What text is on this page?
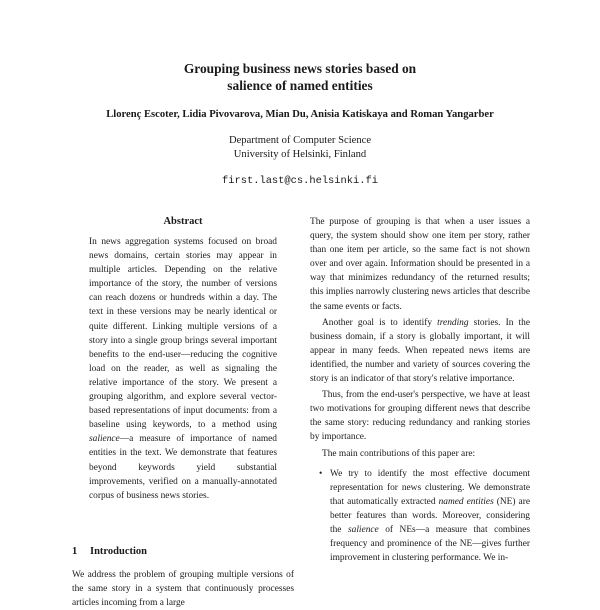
Grouping business news stories based on
salience of named entities
Llorenç Escoter, Lidia Pivovarova, Mian Du, Anisia Katiskaya and Roman Yangarber
Department of Computer Science
University of Helsinki, Finland
first.last@cs.helsinki.fi
Abstract

In news aggregation systems focused on broad news domains, certain stories may appear in multiple articles. Depending on the relative importance of the story, the number of versions can reach dozens or hundreds within a day. The text in these versions may be nearly identical or quite different. Linking multiple versions of a story into a single group brings several important benefits to the end-user—reducing the cognitive load on the reader, as well as signaling the relative importance of the story. We present a grouping algorithm, and explore several vector-based representations of input documents: from a baseline using keywords, to a method using salience—a measure of importance of named entities in the text. We demonstrate that features beyond keywords yield substantial improvements, verified on a manually-annotated corpus of business news stories.

1 Introduction

We address the problem of grouping multiple versions of the same story in a system that continuously processes articles incoming from a large

The purpose of grouping is that when a user issues a query, the system should show one item per story, rather than one item per article, so the same fact is not shown over and over again. Information should be presented in a way that minimizes redundancy of the returned results; this implies narrowly clustering news articles that describe the same events or facts.

Another goal is to identify trending stories. In the business domain, if a story is globally important, it will appear in many feeds. When repeated news items are identified, the number and variety of sources covering the story is an indicator of that story's relative importance.

Thus, from the end-user's perspective, we have at least two motivations for grouping different news that describe the same story: reducing redundancy and ranking stories by importance.

The main contributions of this paper are:

• We try to identify the most effective document representation for news clustering. We demonstrate that automatically extracted named entities (NE) are better features than words. Moreover, considering the salience of NEs—a measure that combines frequency and prominence of the NE—gives further improvement in clustering performance. We in-
